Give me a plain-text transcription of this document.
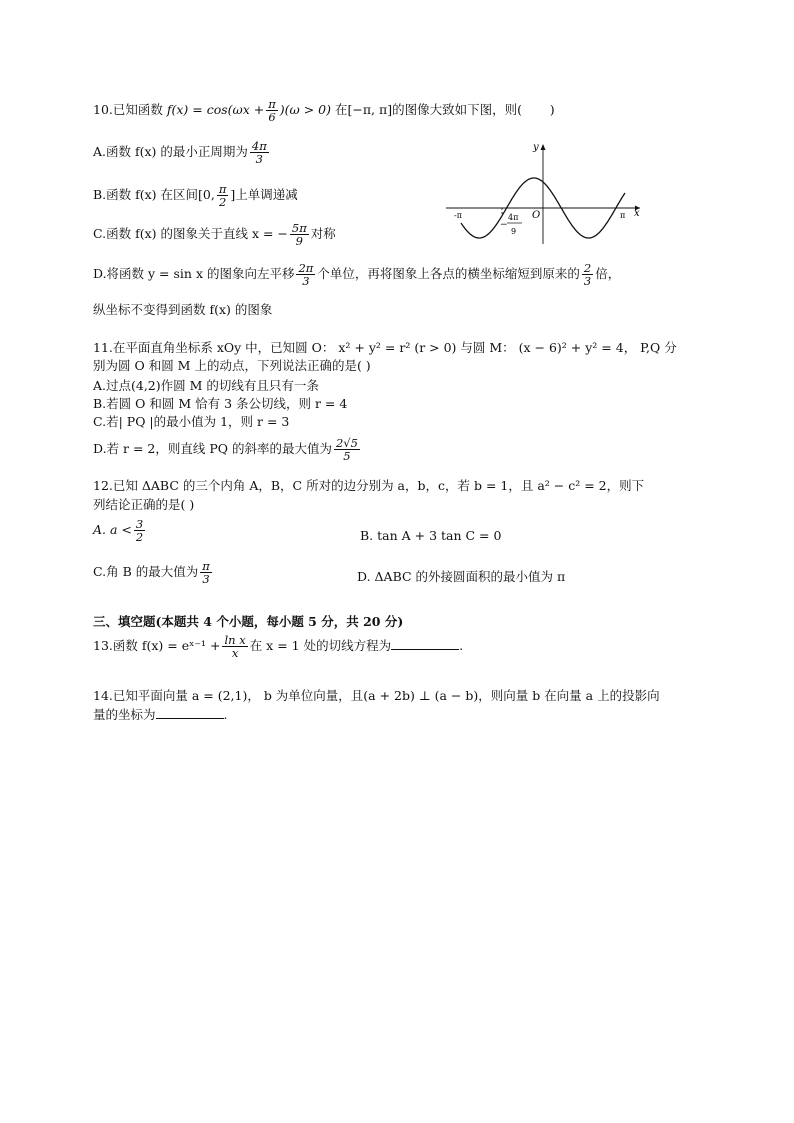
10.已知函数 $f(x) = \cos(\omega x + \frac{\pi}{6} )(\omega > 0)$ 在[−π, π]的图像大致如下图，则( )
A.函数 f(x) 的最小正周期为 $\frac{4\pi}{3}$
B.函数 f(x) 在区间[0, $\frac{\pi}{2}$ ]上单调递减
C.函数 f(x) 的图象关于直线 x = − $\frac{5\pi}{9}$ 对称
D.将函数 y = sin x 的图象向左平移 $\frac{2\pi}{3}$ 个单位，再将图象上各点的横坐标缩短到原来的 $\frac{2}{3}$ 倍，
纵坐标不变得到函数 f(x) 的图象
y
x
O
-π	π
−
4π
9
11.在平面直角坐标系 xOy 中，已知圆 O： x² + y² = r² (r > 0) 与圆 M： (x − 6)² + y² = 4， P,Q 分
别为圆 O 和圆 M 上的动点，下列说法正确的是( )
A.过点(4,2)作圆 M 的切线有且只有一条
B.若圆 O 和圆 M 恰有 3 条公切线，则 r = 4
C.若| PQ |的最小值为 1，则 r = 3
D.若 r = 2，则直线 PQ 的斜率的最大值为 $\frac{2√5}{5}$
12.已知 ΔABC 的三个内角 A，B，C 所对的边分别为 a，b，c，若 b = 1，且 a² − c² = 2，则下
列结论正确的是( )
A. $a < \frac{3}{2}$	B. tan A + 3 tan C = 0
C.角 B 的最大值为 $\frac{\pi}{3}$	D. ΔABC 的外接圆面积的最小值为 π
三、填空题(本题共 4 个小题，每小题 5 分，共 20 分)
13.函数 f(x) = eˣ⁻¹ + $\frac{\text{ln x}}{x}$ 在 x = 1 处的切线方程为	.
14.已知平面向量 a = (2,1)， b 为单位向量，且(a + 2b) ⊥ (a − b)，则向量 b 在向量 a 上的投影向
量的坐标为	.
